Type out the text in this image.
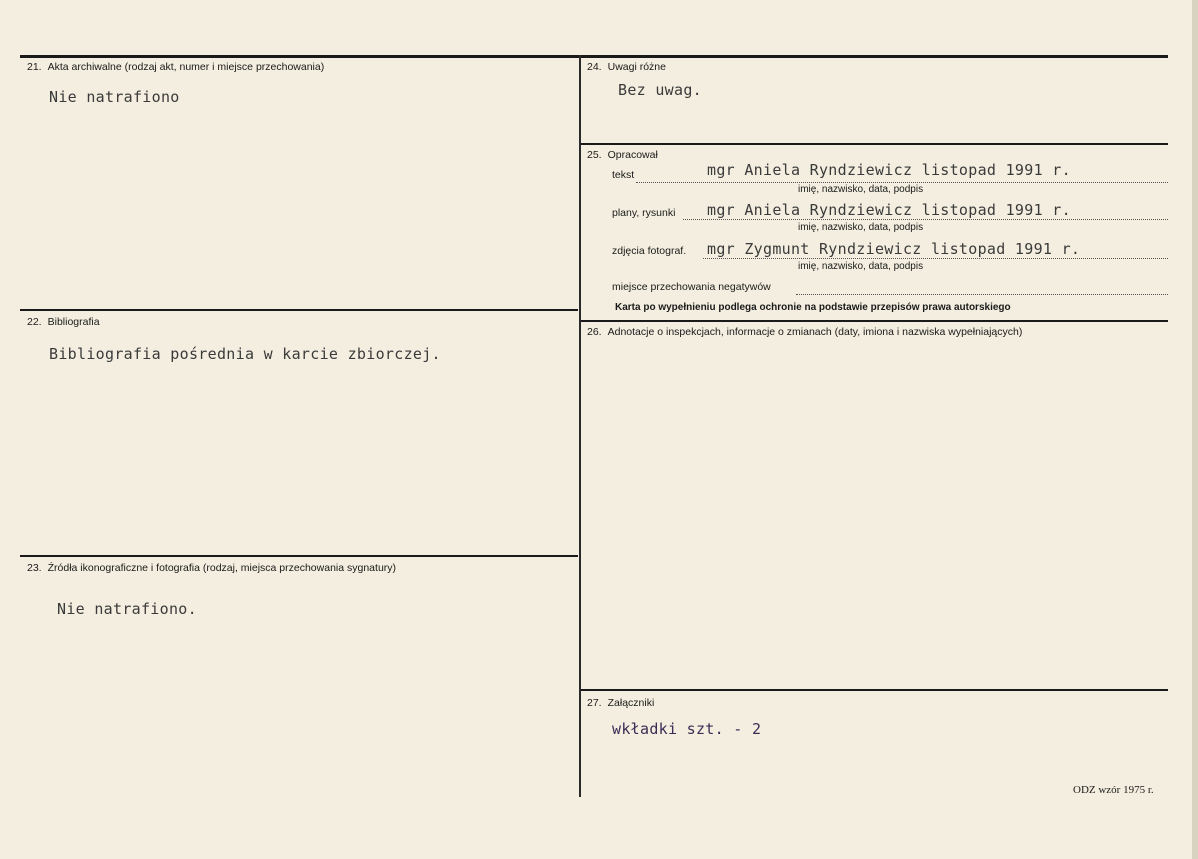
21. Akta archiwalne (rodzaj akt, numer i miejsce przechowania)
Nie natrafiono
22. Bibliografia
Bibliografia pośrednia w karcie zbiorczej.
23. Źródła ikonograficzne i fotografia (rodzaj, miejsca przechowania sygnatury)
Nie natrafiono.
24. Uwagi różne
Bez uwag.
25. Opracował
tekst	mgr Aniela Ryndziewicz listopad 1991 r.
imię, nazwisko, data, podpis
plany, rysunki mgr Aniela Ryndziewicz listopad 1991 r.
imię, nazwisko, data, podpis
zdjęcia fotograf. mgr Zygmunt Ryndziewicz listopad 1991 r.
imię, nazwisko, data, podpis
miejsce przechowania negatywów
Karta po wypełnieniu podlega ochronie na podstawie przepisów prawa autorskiego
26. Adnotacje o inspekcjach, informacje o zmianach (daty, imiona i nazwiska wypełniających)
27. Załączniki
wkładki szt. - 2
ODZ wzór 1975 r.
